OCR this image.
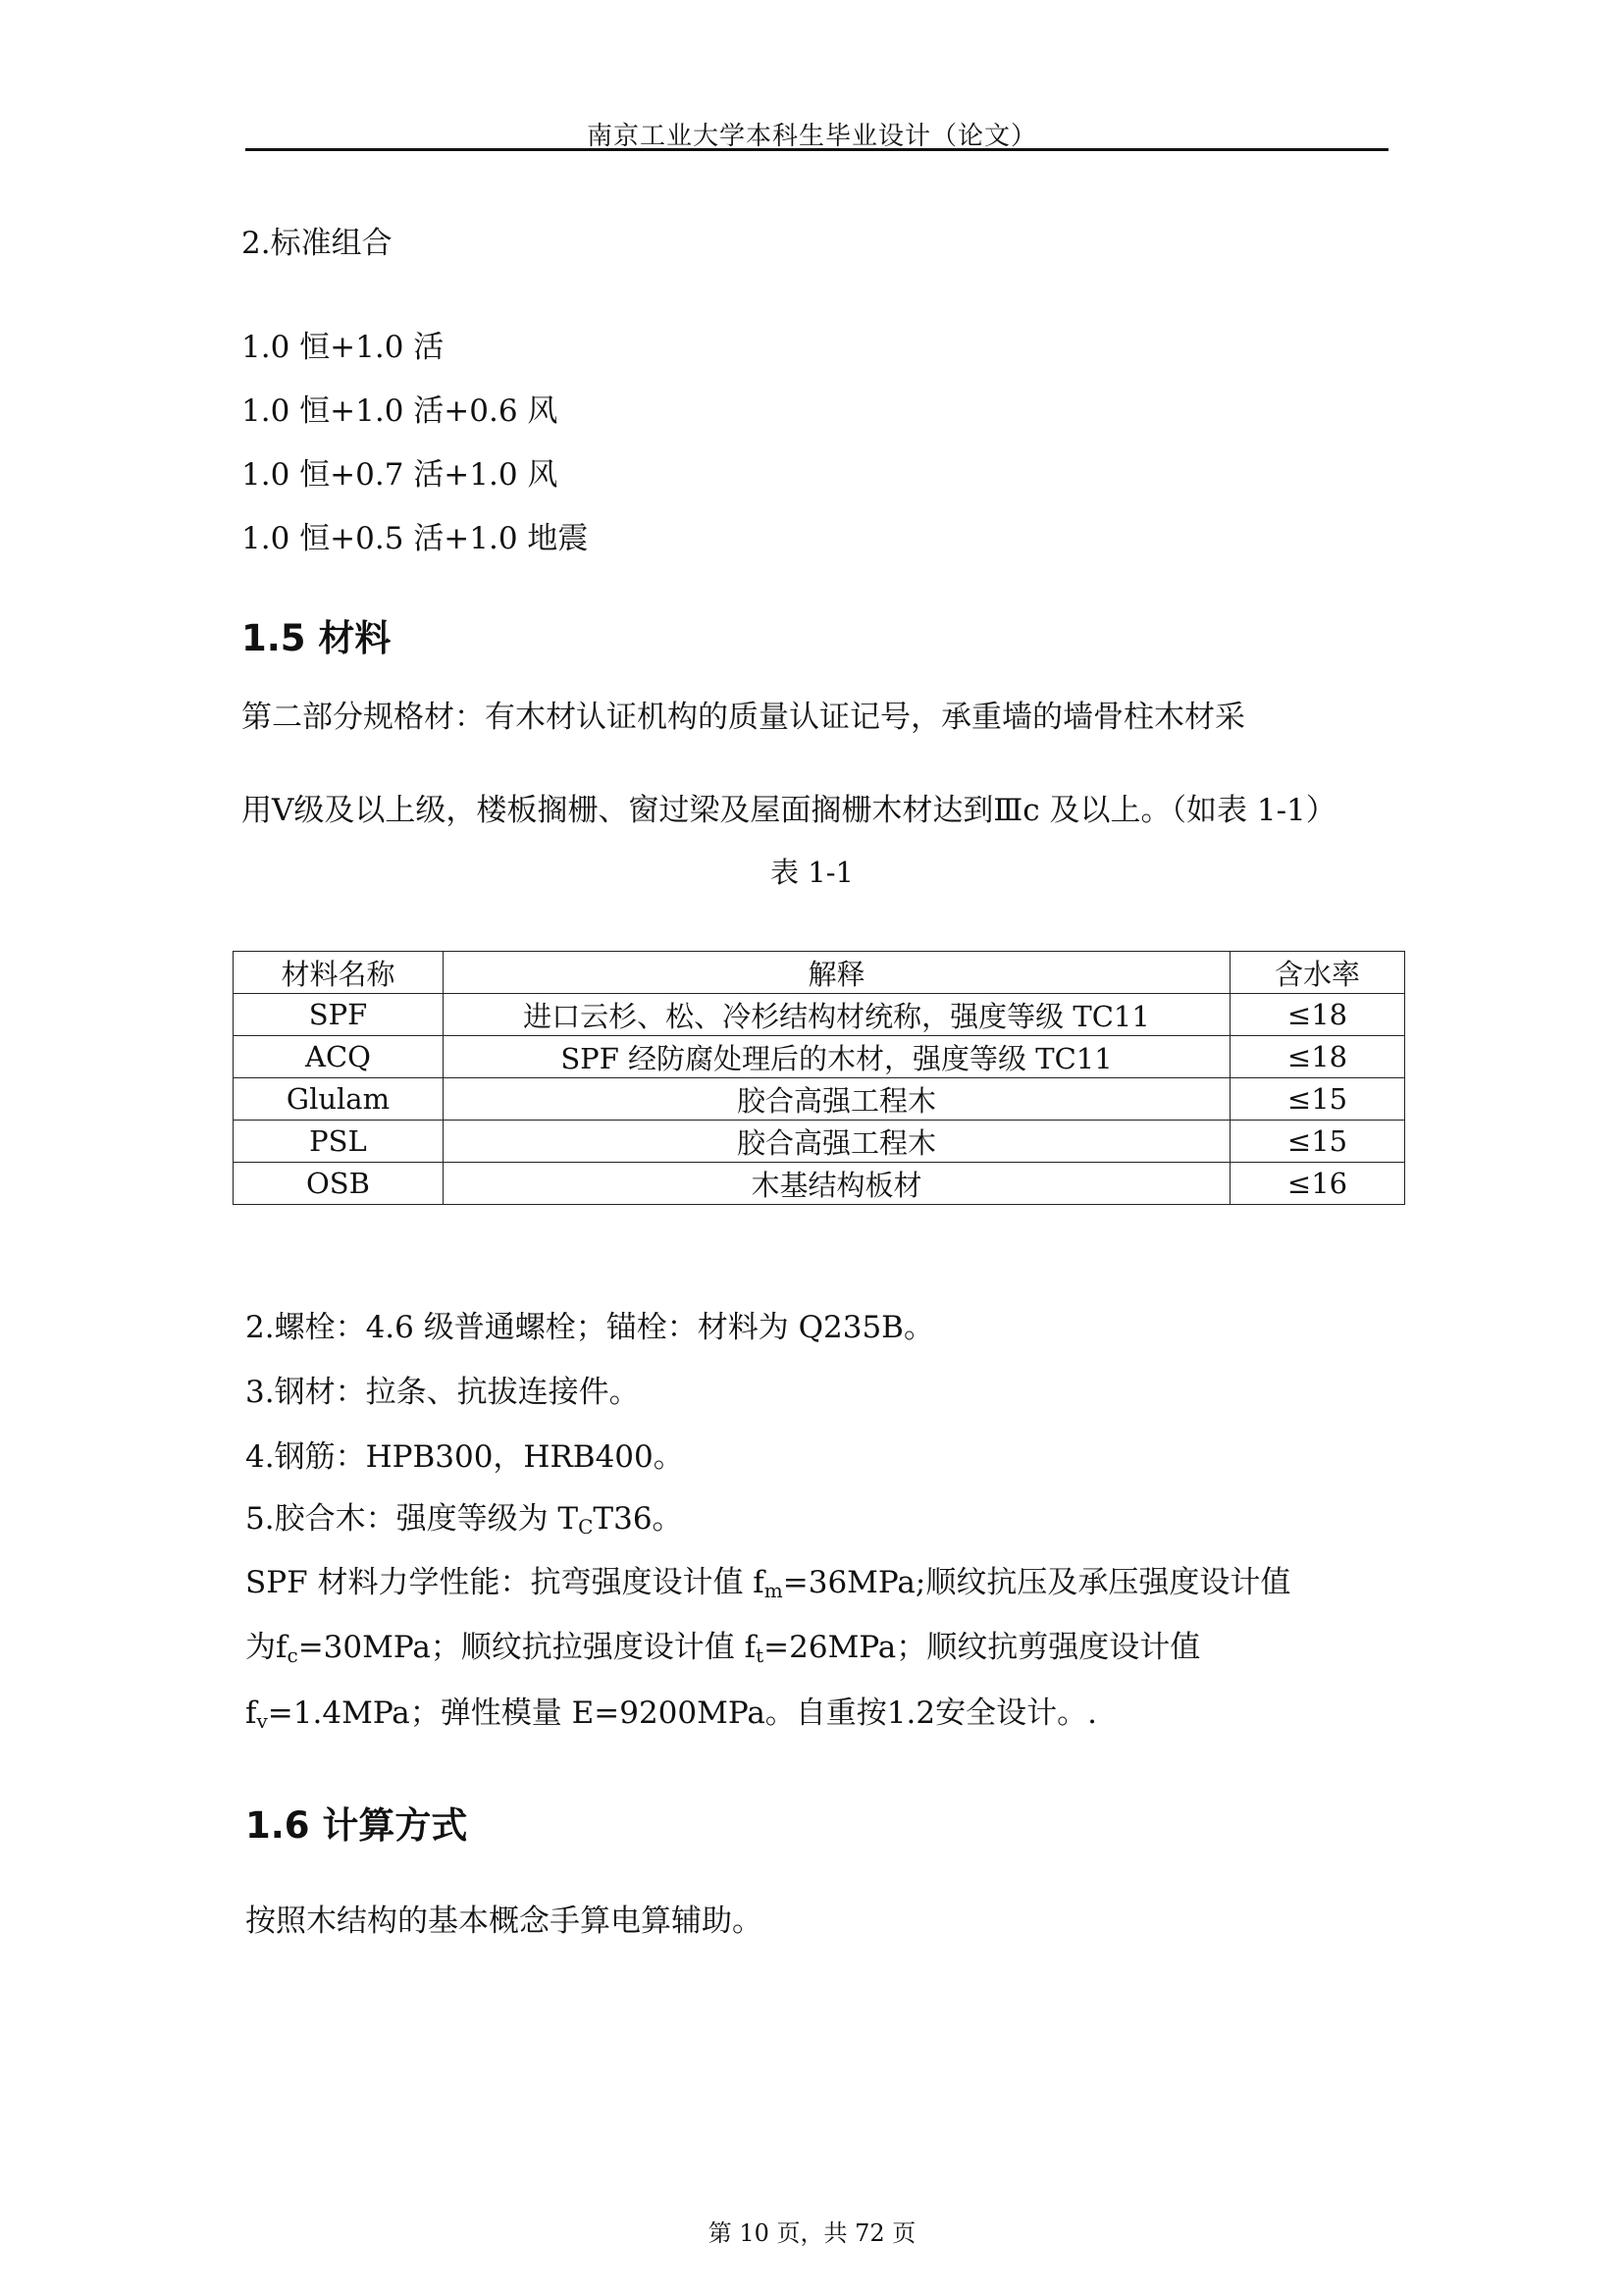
南京工业大学本科生毕业设计（论文）
2.标准组合
1.0 恒+1.0 活
1.0 恒+1.0 活+0.6 风
1.0 恒+0.7 活+1.0 风
1.0 恒+0.5 活+1.0 地震
1.5 材料
第二部分规格材：有木材认证机构的质量认证记号，承重墙的墙骨柱木材采
用Ⅴ级及以上级，楼板搁栅、窗过梁及屋面搁栅木材达到Ⅲc 及以上。（如表 1-1）
表 1-1
材料名称	解释	含水率
SPF	进口云杉、松、冷杉结构材统称，强度等级 TC11	≤18
ACQ	SPF 经防腐处理后的木材，强度等级 TC11	≤18
Glulam	胶合高强工程木	≤15
PSL	胶合高强工程木	≤15
OSB	木基结构板材	≤16
2.螺栓：4.6 级普通螺栓；锚栓：材料为 Q235B。
3.钢材：拉条、抗拔连接件。
4.钢筋：HPB300，HRB400。
5.胶合木：强度等级为 $T_CT36$。
SPF 材料力学性能：抗弯强度设计值 $f_m=36MPa$;顺纹抗压及承压强度设计值
为$f_c=30MPa$；顺纹抗拉强度设计值 $f_t=26MPa$；顺纹抗剪强度设计值
$f_v=1.4MPa$；弹性模量 E=9200MPa。自重按1.2安全设计。.
1.6 计算方式
按照木结构的基本概念手算电算辅助。
第 10 页，共 72 页
